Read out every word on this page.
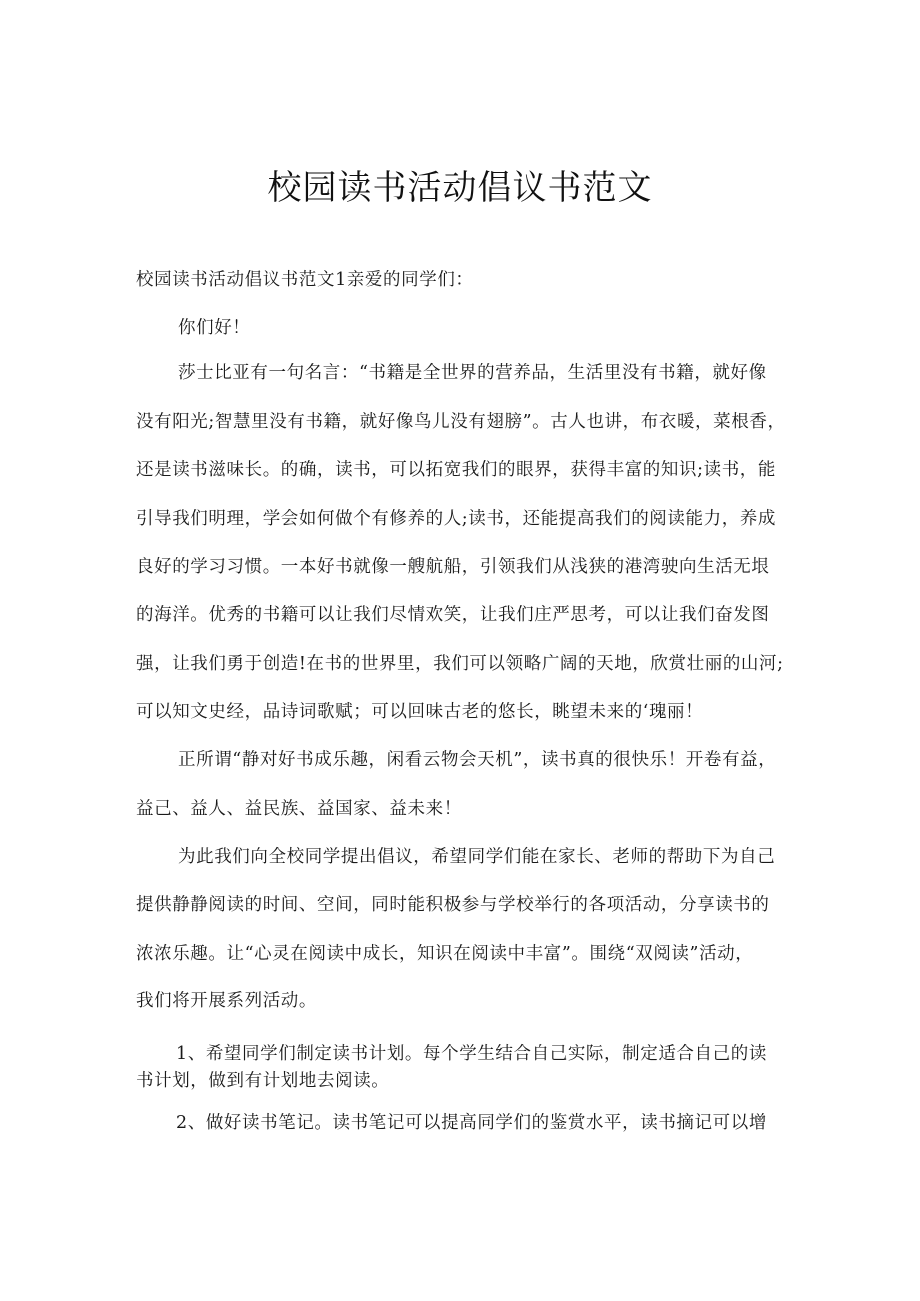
校园读书活动倡议书范文

校园读书活动倡议书范文1亲爱的同学们：

你们好！

莎士比亚有一句名言：“书籍是全世界的营养品，生活里没有书籍，就好像

没有阳光;智慧里没有书籍，就好像鸟儿没有翅膀”。古人也讲，布衣暖，菜根香，

还是读书滋味长。的确，读书，可以拓宽我们的眼界，获得丰富的知识;读书，能

引导我们明理，学会如何做个有修养的人;读书，还能提高我们的阅读能力，养成

良好的学习习惯。一本好书就像一艘航船，引领我们从浅狭的港湾驶向生活无垠

的海洋。优秀的书籍可以让我们尽情欢笑，让我们庄严思考，可以让我们奋发图

强，让我们勇于创造!在书的世界里，我们可以领略广阔的天地，欣赏壮丽的山河;

可以知文史经，品诗词歌赋；可以回味古老的悠长，眺望未来的‘瑰丽！

正所谓“静对好书成乐趣，闲看云物会天机”，读书真的很快乐！开卷有益，

益己、益人、益民族、益国家、益未来！

为此我们向全校同学提出倡议，希望同学们能在家长、老师的帮助下为自己

提供静静阅读的时间、空间，同时能积极参与学校举行的各项活动，分享读书的

浓浓乐趣。让“心灵在阅读中成长，知识在阅读中丰富”。围绕“双阅读”活动，

我们将开展系列活动。

1、希望同学们制定读书计划。每个学生结合自己实际，制定适合自己的读

书计划，做到有计划地去阅读。

2、做好读书笔记。读书笔记可以提高同学们的鉴赏水平，读书摘记可以增
